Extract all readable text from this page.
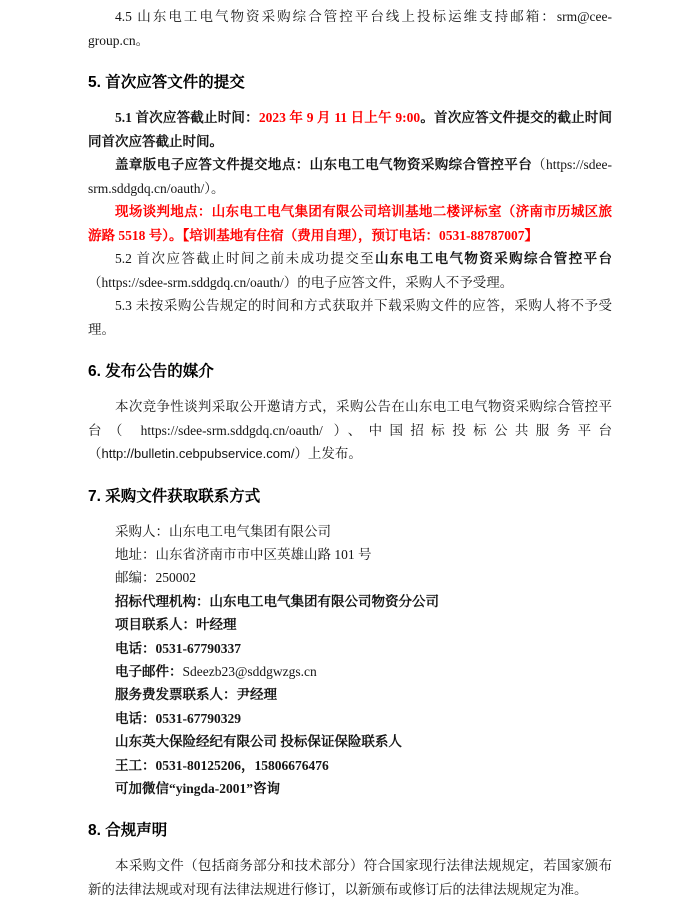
4.5 山东电工电气物资采购综合管控平台线上投标运维支持邮箱：srm@cee-group.cn。

5. 首次应答文件的提交

5.1 首次应答截止时间：2023 年 9 月 11 日上午 9:00。首次应答文件提交的截止时间同首次应答截止时间。

盖章版电子应答文件提交地点：山东电工电气物资采购综合管控平台（https://sdee-srm.sddgdq.cn/oauth/）。

现场谈判地点：山东电工电气集团有限公司培训基地二楼评标室（济南市历城区旅游路 5518 号）。【培训基地有住宿（费用自理），预订电话：0531-88787007】

5.2 首次应答截止时间之前未成功提交至山东电工电气物资采购综合管控平台（https://sdee-srm.sddgdq.cn/oauth/）的电子应答文件，采购人不予受理。

5.3 未按采购公告规定的时间和方式获取并下载采购文件的应答，采购人将不予受理。

6. 发布公告的媒介

本次竞争性谈判采取公开邀请方式，采购公告在山东电工电气物资采购综合管控平台（ https://sdee-srm.sddgdq.cn/oauth/ ）、中国招标投标公共服务平台（http://bulletin.cebpubservice.com/）上发布。

7. 采购文件获取联系方式

采购人：山东电工电气集团有限公司

地址：山东省济南市市中区英雄山路 101 号

邮编：250002

招标代理机构：山东电工电气集团有限公司物资分公司

项目联系人：叶经理

电话：0531-67790337

电子邮件：Sdeezb23@sddgwzgs.cn

服务费发票联系人：尹经理

电话：0531-67790329

山东英大保险经纪有限公司 投标保证保险联系人

王工：0531-80125206，15806676476

可加微信“yingda-2001”咨询

8. 合规声明

本采购文件（包括商务部分和技术部分）符合国家现行法律法规规定，若国家颁布新的法律法规或对现有法律法规进行修订，以新颁布或修订后的法律法规规定为准。
